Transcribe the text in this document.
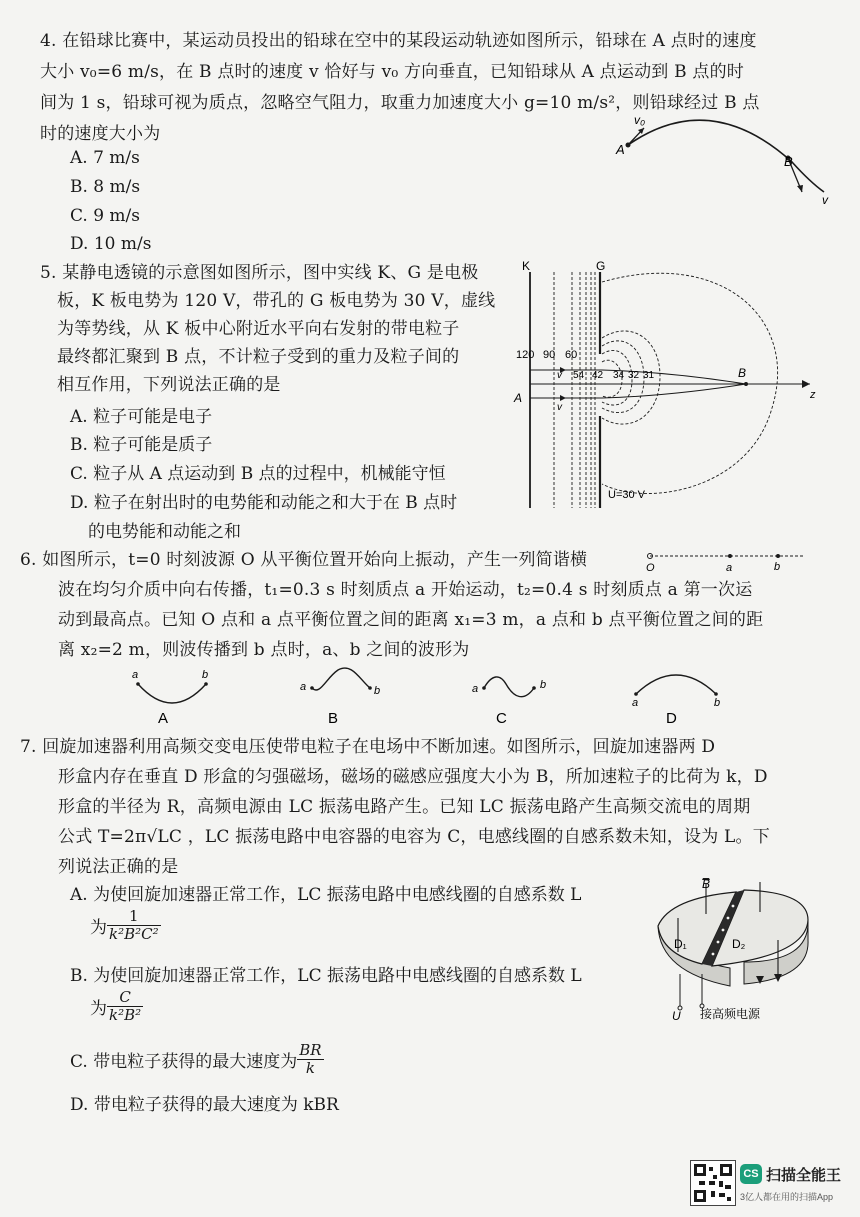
4. 在铅球比赛中，某运动员投出的铅球在空中的某段运动轨迹如图所示，铅球在 A 点时的速度
大小 v₀=6 m/s，在 B 点时的速度 v 恰好与 v₀ 方向垂直，已知铅球从 A 点运动到 B 点的时
间为 1 s，铅球可视为质点，忽略空气阻力，取重力加速度大小 g=10 m/s²，则铅球经过 B 点
时的速度大小为
A. 7 m/s
B. 8 m/s
C. 9 m/s
D. 10 m/s
v₀
A
B
v
5. 某静电透镜的示意图如图所示，图中实线 K、G 是电极
板，K 板电势为 120 V，带孔的 G 板电势为 30 V，虚线
为等势线，从 K 板中心附近水平向右发射的带电粒子
最终都汇聚到 B 点，不计粒子受到的重力及粒子间的
相互作用，下列说法正确的是
A. 粒子可能是电子
B. 粒子可能是质子
C. 粒子从 A 点运动到 B 点的过程中，机械能守恒
D. 粒子在射出时的电势能和动能之和大于在 B 点时
的电势能和动能之和
K	G
120 90 60
54 42 34 32 31
v
v
A
B
z
U=30 V
6. 如图所示，t=0 时刻波源 O 从平衡位置开始向上振动，产生一列简谐横
波在均匀介质中向右传播，t₁=0.3 s 时刻质点 a 开始运动，t₂=0.4 s 时刻质点 a 第一次运
动到最高点。已知 O 点和 a 点平衡位置之间的距离 x₁=3 m，a 点和 b 点平衡位置之间的距
离 x₂=2 m，则波传播到 b 点时，a、b 之间的波形为
O	a	b
a	b
A
a	b
B
a	b
C
a	b
D
7. 回旋加速器利用高频交变电压使带电粒子在电场中不断加速。如图所示，回旋加速器两 D
形盒内存在垂直 D 形盒的匀强磁场，磁场的磁感应强度大小为 B，所加速粒子的比荷为 k，D
形盒的半径为 R，高频电源由 LC 振荡电路产生。已知 LC 振荡电路产生高频交流电的周期
公式 T=2π√LC ，LC 振荡电路中电容器的电容为 C，电感线圈的自感系数未知，设为 L。下
列说法正确的是
A. 为使回旋加速器正常工作，LC 振荡电路中电感线圈的自感系数 L
为 $\frac{1}{\text{k²B²C²}}$
B. 为使回旋加速器正常工作，LC 振荡电路中电感线圈的自感系数 L
为 $\frac{C}{\text{k²B²}}$
C. 带电粒子获得的最大速度为 $\frac{BR}{k}$
D. 带电粒子获得的最大速度为 kBR
B
D₁	D₂
U 接高频电源
CS 扫描全能王
3亿人都在用的扫描App
